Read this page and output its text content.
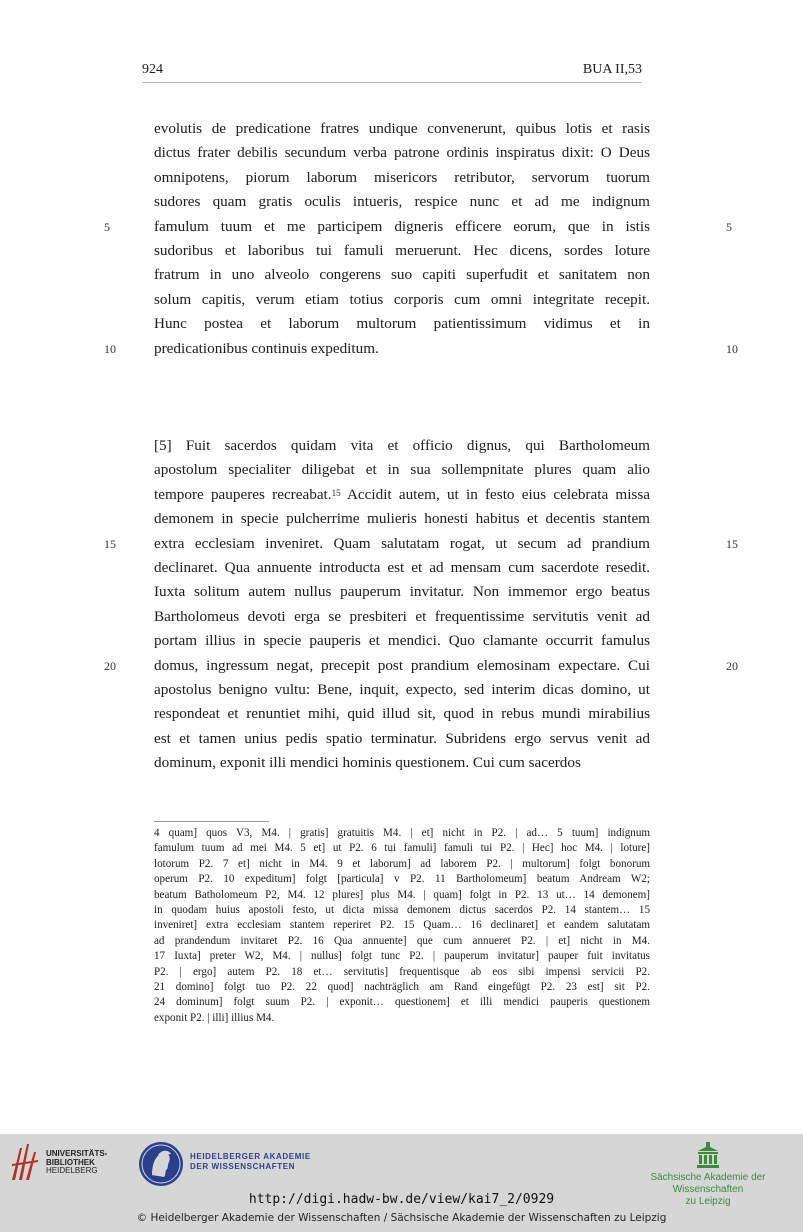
924	BUA II,53
evolutis de predicatione fratres undique convenerunt, quibus lotis et rasis
dictus frater debilis secundum verba patrone ordinis inspiratus dixit: O Deus
omnipotens, piorum laborum misericors retributor, servorum tuorum
sudores quam gratis oculis intueris, respice nunc et ad me indignum
famulum tuum et me participem digneris efficere eorum, que in istis
sudoribus et laboribus tui famuli meruerunt. Hec dicens, sordes loture
fratrum in uno alveolo congerens suo capiti superfudit et sanitatem non
solum capitis, verum etiam totius corporis cum omni integritate recepit.
Hunc postea et laborum multorum patientissimum vidimus et in
predicationibus continuis expeditum.
[5] Fuit sacerdos quidam vita et officio dignus, qui Bartholomeum
apostolum specialiter diligebat et in sua sollempnitate plures quam alio
tempore pauperes recreabat.$^{15}$ Accidit autem, ut in festo eius celebrata missa
demonem in specie pulcherrime mulieris honesti habitus et decentis stantem
extra ecclesiam inveniret. Quam salutatam rogat, ut secum ad prandium
declinaret. Qua annuente introducta est et ad mensam cum sacerdote resedit.
Iuxta solitum autem nullus pauperum invitatur. Non immemor ergo beatus
Bartholomeus devoti erga se presbiteri et frequentissime servitutis venit ad
portam illius in specie pauperis et mendici. Quo clamante occurrit famulus
domus, ingressum negat, precepit post prandium elemosinam expectare. Cui
apostolus benigno vultu: Bene, inquit, expecto, sed interim dicas domino, ut
respondeat et renuntiet mihi, quid illud sit, quod in rebus mundi mirabilius
est et tamen unius pedis spatio terminatur. Subridens ergo servus venit ad
dominum, exponit illi mendici hominis questionem. Cui cum sacerdos
5	5
10	10
15	15
20	20
4 quam] quos V3, M4. | gratis] gratuitis M4. | et] nicht in P2. | ad… 5 tuum] indignum
famulum tuum ad mei M4. 5 et] ut P2. 6 tui famuli] famuli tui P2. | Hec] hoc M4. | loture]
lotorum P2. 7 et] nicht in M4. 9 et laborum] ad laborem P2. | multorum] folgt bonorum
operum P2. 10 expeditum] folgt [particula] v P2. 11 Bartholomeum] beatum Andream W2;
beatum Batholomeum P2, M4. 12 plures] plus M4. | quam] folgt in P2. 13 ut… 14 demonem]
in quodam huius apostoli festo, ut dicta missa demonem dictus sacerdos P2. 14 stantem… 15
inveniret] extra ecclesiam stantem reperiret P2. 15 Quam… 16 declinaret] et eandem salutatam
ad prandendum invitaret P2. 16 Qua annuente] que cum annueret P2. | et] nicht in M4.
17 Iuxta] preter W2, M4. | nullus] folgt tunc P2. | pauperum invitatur] pauper fuit invitatus
P2. | ergo] autem P2. 18 et… servitutis] frequentisque ab eos sibi impensi servicii P2.
21 domino] folgt tuo P2. 22 quod] nachträglich am Rand eingefügt P2. 23 est] sit P2.
24 dominum] folgt suum P2. | exponit… questionem] et illi mendici pauperis questionem
exponit P2. | illi] illius M4.
UNIVERSITÄTS-
BIBLIOTHEK
HEIDELBERG
HEIDELBERGER AKADEMIE
DER WISSENSCHAFTEN
Sächsische Akademie der Wissenschaften
zu Leipzig
http://digi.hadw-bw.de/view/kai7_2/0929
© Heidelberger Akademie der Wissenschaften / Sächsische Akademie der Wissenschaften zu Leipzig
